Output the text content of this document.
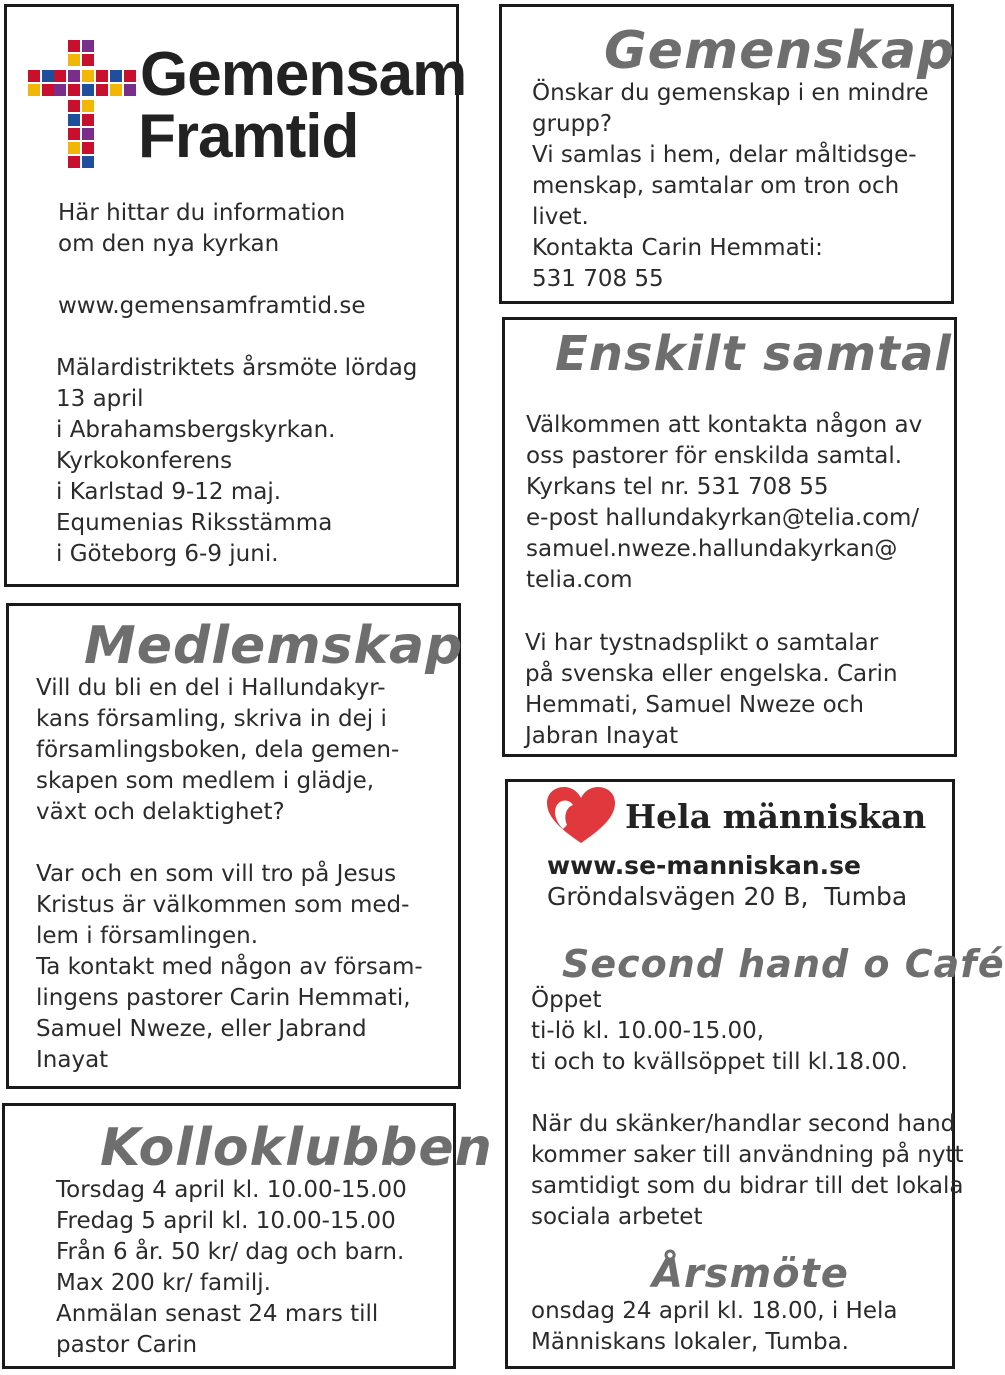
Gemensam
Framtid

Här hittar du information
om den nya kyrkan

www.gemensamframtid.se

Mälardistriktets årsmöte lördag
13 april
i Abrahamsbergskyrkan.
Kyrkokonferens
i Karlstad 9-12 maj.
Equmenias Riksstämma
i Göteborg 6-9 juni.

Medlemskap

Vill du bli en del i Hallundakyr-
kans församling, skriva in dej i
församlingsboken, dela gemen-
skapen som medlem i glädje,
växt och delaktighet?

Var och en som vill tro på Jesus
Kristus är välkommen som med-
lem i församlingen.
Ta kontakt med någon av försam-
lingens pastorer Carin Hemmati,
Samuel Nweze, eller Jabrand
Inayat

Kolloklubben

Torsdag 4 april kl. 10.00-15.00
Fredag 5 april kl. 10.00-15.00
Från 6 år. 50 kr/ dag och barn.
Max 200 kr/ familj.
Anmälan senast 24 mars till
pastor Carin

Gemenskap

Önskar du gemenskap i en mindre
grupp?
Vi samlas i hem, delar måltidsge-
menskap, samtalar om tron och
livet.
Kontakta Carin Hemmati:
531 708 55

Enskilt samtal

Välkommen att kontakta någon av
oss pastorer för enskilda samtal.
Kyrkans tel nr. 531 708 55
e-post hallundakyrkan@telia.com/
samuel.nweze.hallundakyrkan@
telia.com

Vi har tystnadsplikt o samtalar
på svenska eller engelska. Carin
Hemmati, Samuel Nweze och
Jabran Inayat

Hela människan

www.se-manniskan.se

Gröndalsvägen 20 B,  Tumba

Second hand o Café

Öppet
ti-lö kl. 10.00-15.00,
ti och to kvällsöppet till kl.18.00.

När du skänker/handlar second hand
kommer saker till användning på nytt
samtidigt som du bidrar till det lokala
sociala arbetet

Årsmöte

onsdag 24 april kl. 18.00, i Hela
Människans lokaler, Tumba.
